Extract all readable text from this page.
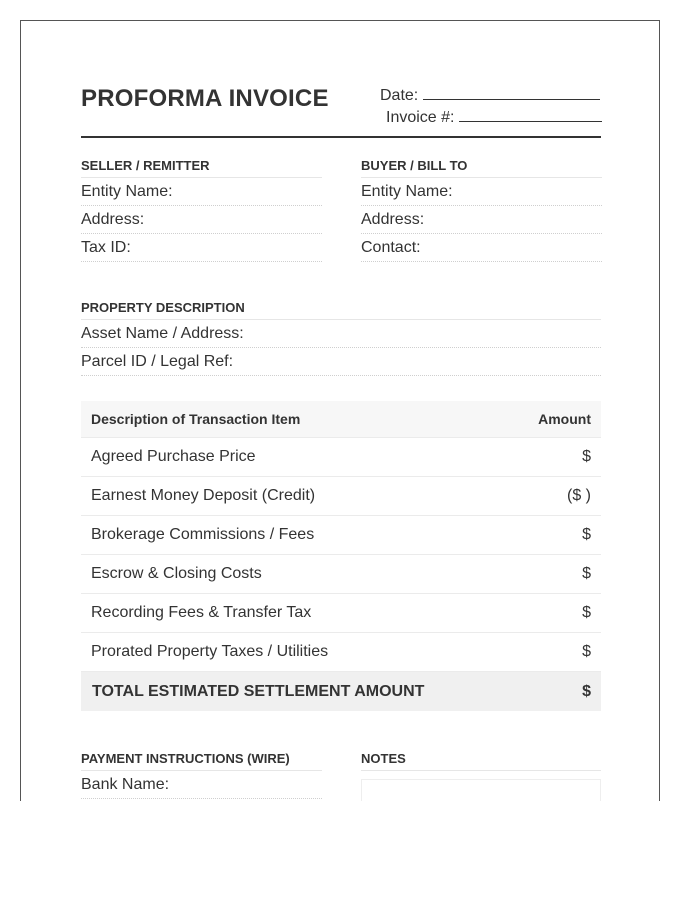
PROFORMA INVOICE	Date:
Invoice #:
SELLER / REMITTER
Entity Name:
Address:
Tax ID:
BUYER / BILL TO
Entity Name:
Address:
Contact:
PROPERTY DESCRIPTION
Asset Name / Address:
Parcel ID / Legal Ref:
Description of Transaction Item	Amount
Agreed Purchase Price	$
Earnest Money Deposit (Credit)	($ )
Brokerage Commissions / Fees	$
Escrow & Closing Costs	$
Recording Fees & Transfer Tax	$
Prorated Property Taxes / Utilities	$
TOTAL ESTIMATED SETTLEMENT AMOUNT	$
PAYMENT INSTRUCTIONS (WIRE)
Bank Name:
NOTES
